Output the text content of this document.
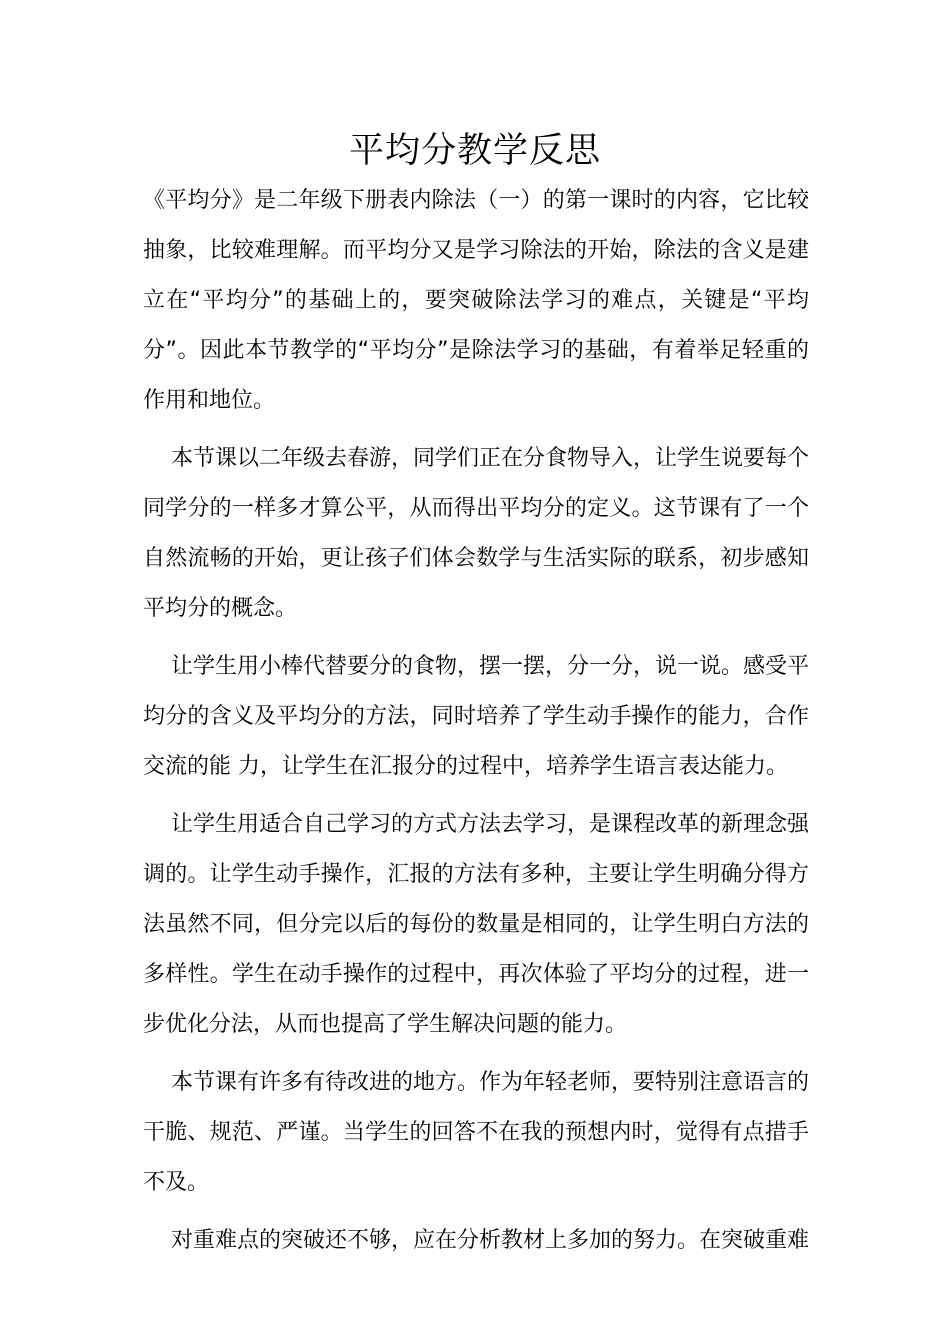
平均分教学反思

《平均分》是二年级下册表内除法（一）的第一课时的内容，它比较抽象，比较难理解。而平均分又是学习除法的开始，除法的含义是建立在“平均分”的基础上的，要突破除法学习的难点，关键是“平均分”。因此本节教学的“平均分”是除法学习的基础，有着举足轻重的作用和地位。

本节课以二年级去春游，同学们正在分食物导入，让学生说要每个同学分的一样多才算公平，从而得出平均分的定义。这节课有了一个自然流畅的开始，更让孩子们体会数学与生活实际的联系，初步感知平均分的概念。

让学生用小棒代替要分的食物，摆一摆，分一分，说一说。感受平均分的含义及平均分的方法，同时培养了学生动手操作的能力，合作交流的能 力，让学生在汇报分的过程中，培养学生语言表达能力。

让学生用适合自己学习的方式方法去学习，是课程改革的新理念强调的。让学生动手操作，汇报的方法有多种，主要让学生明确分得方法虽然不同，但分完以后的每份的数量是相同的，让学生明白方法的多样性。学生在动手操作的过程中，再次体验了平均分的过程，进一步优化分法，从而也提高了学生解决问题的能力。

本节课有许多有待改进的地方。作为年轻老师，要特别注意语言的干脆、规范、严谨。当学生的回答不在我的预想内时，觉得有点措手不及。

对重难点的突破还不够，应在分析教材上多加的努力。在突破重难
